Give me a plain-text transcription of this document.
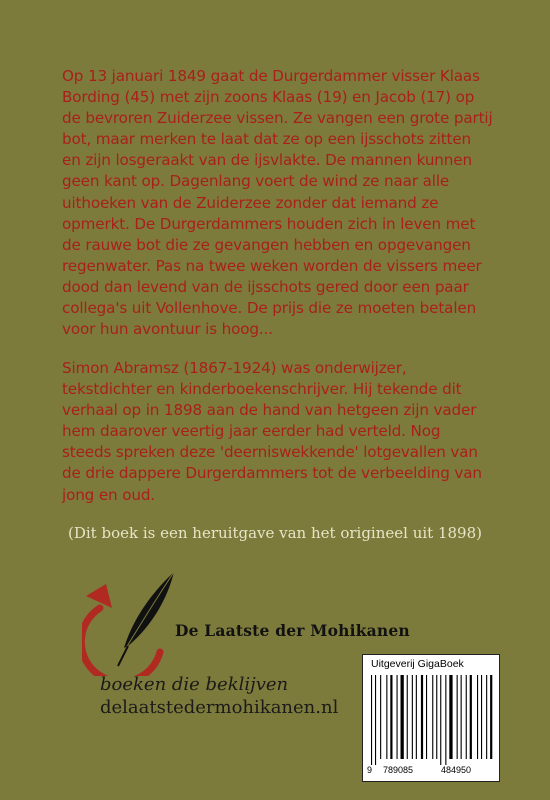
Op 13 januari 1849 gaat de Durgerdammer visser Klaas Bording (45) met zijn zoons Klaas (19) en Jacob (17) op de bevroren Zuiderzee vissen. Ze vangen een grote partij bot, maar merken te laat dat ze op een ijsschots zitten en zijn losgeraakt van de ijsvlakte. De mannen kunnen geen kant op. Dagenlang voert de wind ze naar alle uithoeken van de Zuiderzee zonder dat iemand ze opmerkt. De Durgerdammers houden zich in leven met de rauwe bot die ze gevangen hebben en opgevangen regenwater. Pas na twee weken worden de vissers meer dood dan levend van de ijsschots gered door een paar collega's uit Vollenhove. De prijs die ze moeten betalen voor hun avontuur is hoog...

Simon Abramsz (1867-1924) was onderwijzer, tekstdichter en kinderboekenschrijver. Hij tekende dit verhaal op in 1898 aan de hand van hetgeen zijn vader hem daarover veertig jaar eerder had verteld. Nog steeds spreken deze 'deerniswekkende' lotgevallen van de drie dappere Durgerdammers tot de verbeelding van jong en oud.

(Dit boek is een heruitgave van het origineel uit 1898)
De Laatste der Mohikanen
boeken die beklijven
delaatstedermohikanen.nl
Uitgeverij GigaBoek
9 789085	484950
